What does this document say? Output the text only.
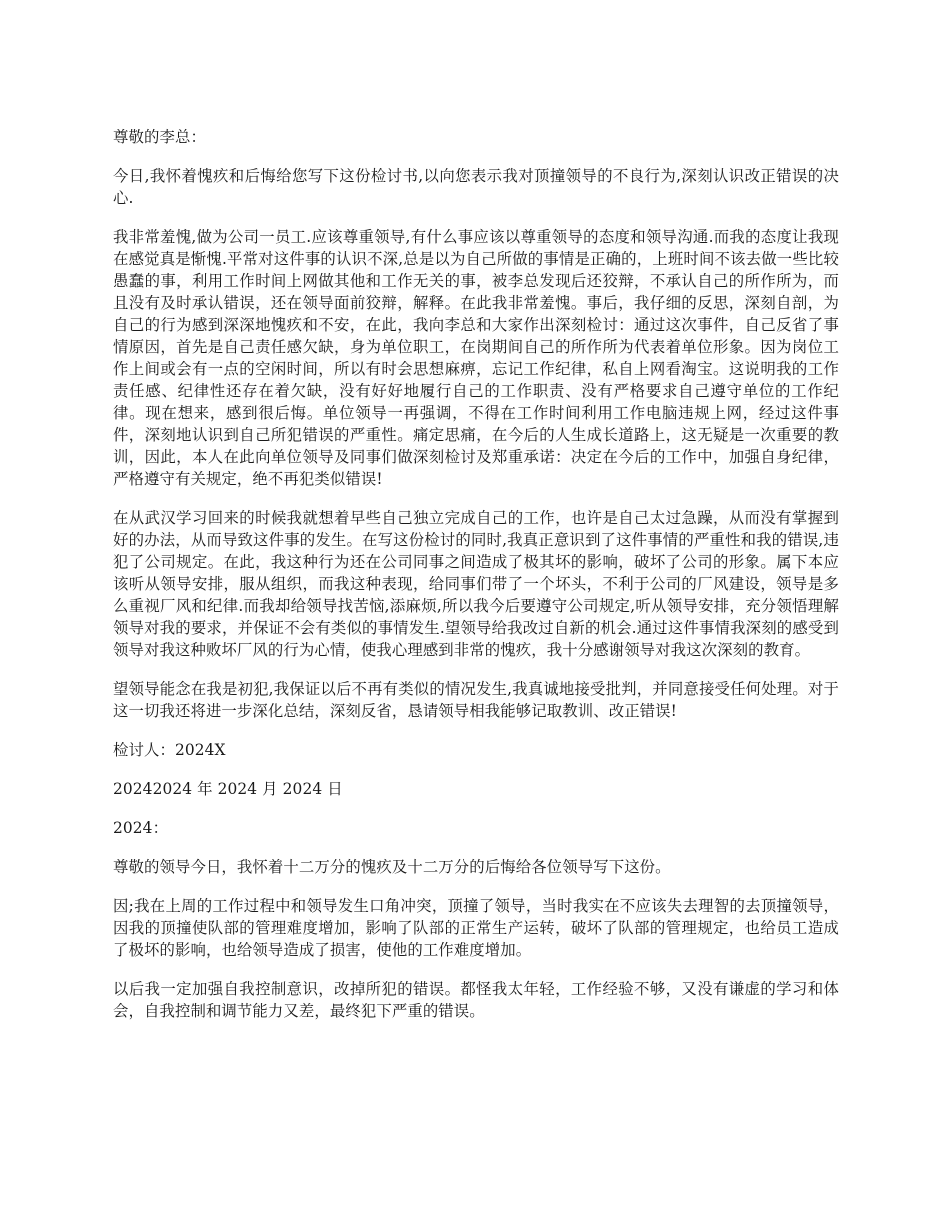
尊敬的李总：

今日,我怀着愧疚和后悔给您写下这份检讨书,以向您表示我对顶撞领导的不良行为,深刻认识改正错误的决心.

我非常羞愧,做为公司一员工.应该尊重领导,有什么事应该以尊重领导的态度和领导沟通.而我的态度让我现在感觉真是惭愧.平常对这件事的认识不深,总是以为自己所做的事情是正确的，上班时间不该去做一些比较愚蠢的事，利用工作时间上网做其他和工作无关的事，被李总发现后还狡辩，不承认自己的所作所为，而且没有及时承认错误，还在领导面前狡辩，解释。在此我非常羞愧。事后，我仔细的反思，深刻自剖，为自己的行为感到深深地愧疚和不安，在此，我向李总和大家作出深刻检讨：通过这次事件，自己反省了事情原因，首先是自己责任感欠缺，身为单位职工，在岗期间自己的所作所为代表着单位形象。因为岗位工作上间或会有一点的空闲时间，所以有时会思想麻痹，忘记工作纪律，私自上网看淘宝。这说明我的工作责任感、纪律性还存在着欠缺，没有好好地履行自己的工作职责、没有严格要求自己遵守单位的工作纪律。现在想来，感到很后悔。单位领导一再强调，不得在工作时间利用工作电脑违规上网，经过这件事件，深刻地认识到自己所犯错误的严重性。痛定思痛，在今后的人生成长道路上，这无疑是一次重要的教训，因此，本人在此向单位领导及同事们做深刻检讨及郑重承诺：决定在今后的工作中，加强自身纪律，严格遵守有关规定，绝不再犯类似错误!

在从武汉学习回来的时候我就想着早些自己独立完成自己的工作，也许是自己太过急躁，从而没有掌握到好的办法，从而导致这件事的发生。在写这份检讨的同时,我真正意识到了这件事情的严重性和我的错误,违犯了公司规定。在此，我这种行为还在公司同事之间造成了极其坏的影响，破坏了公司的形象。属下本应该听从领导安排，服从组织，而我这种表现，给同事们带了一个坏头，不利于公司的厂风建设，领导是多么重视厂风和纪律.而我却给领导找苦恼,添麻烦,所以我今后要遵守公司规定,听从领导安排，充分领悟理解领导对我的要求，并保证不会有类似的事情发生.望领导给我改过自新的机会.通过这件事情我深刻的感受到领导对我这种败坏厂风的行为心情，使我心理感到非常的愧疚，我十分感谢领导对我这次深刻的教育。

望领导能念在我是初犯,我保证以后不再有类似的情况发生,我真诚地接受批判，并同意接受任何处理。对于这一切我还将进一步深化总结，深刻反省，恳请领导相我能够记取教训、改正错误!

检讨人：2024X

20242024 年 2024 月 2024 日

2024：

尊敬的领导今日，我怀着十二万分的愧疚及十二万分的后悔给各位领导写下这份。

因;我在上周的工作过程中和领导发生口角冲突，顶撞了领导，当时我实在不应该失去理智的去顶撞领导，因我的顶撞使队部的管理难度增加，影响了队部的正常生产运转，破坏了队部的管理规定，也给员工造成了极坏的影响，也给领导造成了损害，使他的工作难度增加。

以后我一定加强自我控制意识，改掉所犯的错误。都怪我太年轻，工作经验不够，又没有谦虚的学习和体会，自我控制和调节能力又差，最终犯下严重的错误。
